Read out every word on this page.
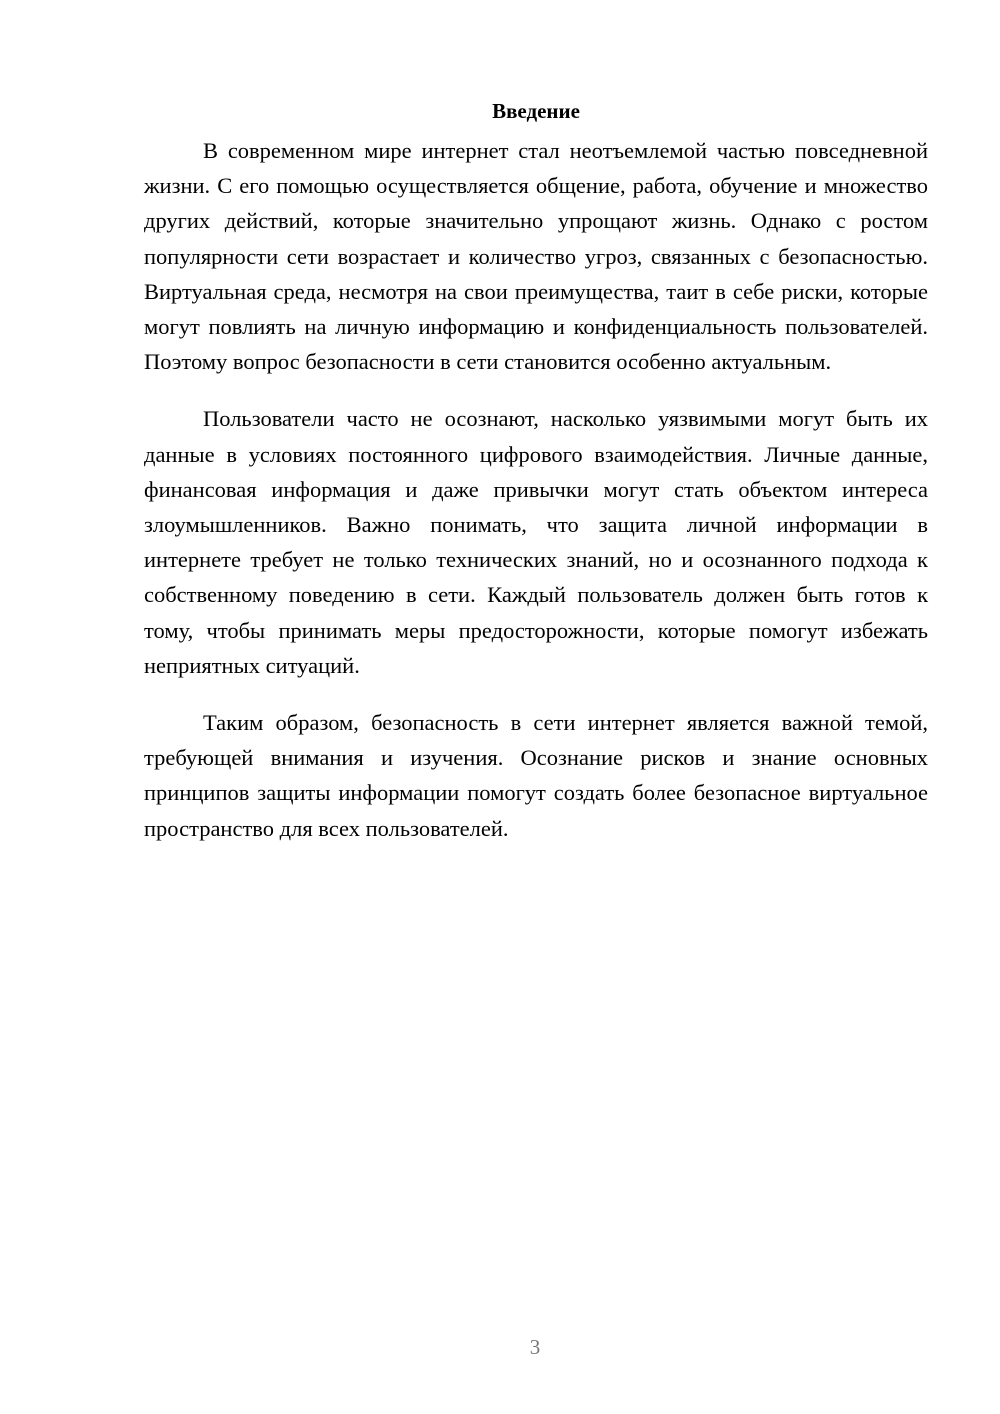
Введение

В современном мире интернет стал неотъемлемой частью повседневной жизни. С его помощью осуществляется общение, работа, обучение и множество других действий, которые значительно упрощают жизнь. Однако с ростом популярности сети возрастает и количество угроз, связанных с безопасностью. Виртуальная среда, несмотря на свои преимущества, таит в себе риски, которые могут повлиять на личную информацию и конфиденциальность пользователей. Поэтому вопрос безопасности в сети становится особенно актуальным.

Пользователи часто не осознают, насколько уязвимыми могут быть их данные в условиях постоянного цифрового взаимодействия. Личные данные, финансовая информация и даже привычки могут стать объектом интереса злоумышленников. Важно понимать, что защита личной информации в интернете требует не только технических знаний, но и осознанного подхода к собственному поведению в сети. Каждый пользователь должен быть готов к тому, чтобы принимать меры предосторожности, которые помогут избежать неприятных ситуаций.

Таким образом, безопасность в сети интернет является важной темой, требующей внимания и изучения. Осознание рисков и знание основных принципов защиты информации помогут создать более безопасное виртуальное пространство для всех пользователей.

3
